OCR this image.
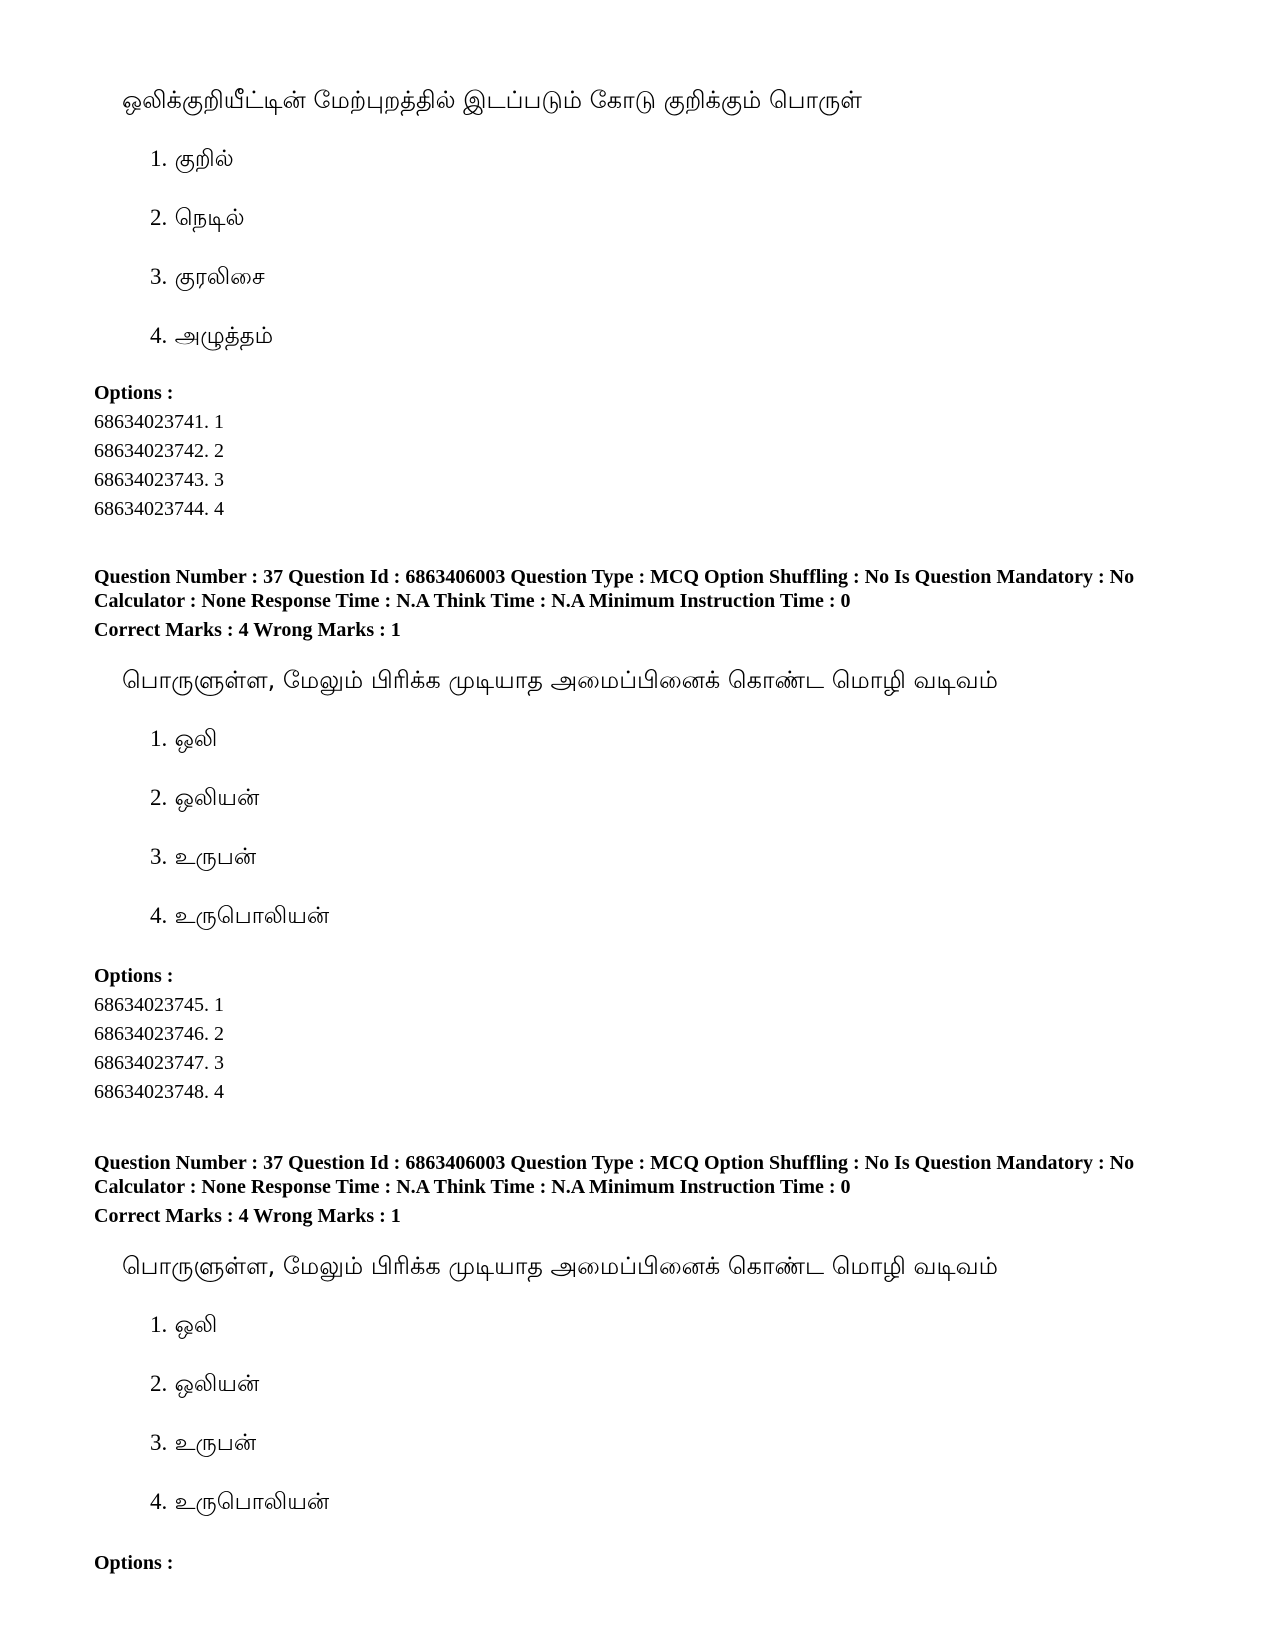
ஒலிக்குறியீட்டின் மேற்புறத்தில் இடப்படும் கோடு குறிக்கும் பொருள்
1. குறில்
2. நெடில்
3. குரலிசை
4. அழுத்தம்
Options :
68634023741. 1
68634023742. 2
68634023743. 3
68634023744. 4
Question Number : 37 Question Id : 6863406003 Question Type : MCQ Option Shuffling : No Is Question Mandatory : No Calculator : None Response Time : N.A Think Time : N.A Minimum Instruction Time : 0
Correct Marks : 4 Wrong Marks : 1
பொருளுள்ள, மேலும் பிரிக்க முடியாத அமைப்பினைக் கொண்ட மொழி வடிவம்
1. ஒலி
2. ஒலியன்
3. உருபன்
4. உருபொலியன்
Options :
68634023745. 1
68634023746. 2
68634023747. 3
68634023748. 4
Question Number : 37 Question Id : 6863406003 Question Type : MCQ Option Shuffling : No Is Question Mandatory : No Calculator : None Response Time : N.A Think Time : N.A Minimum Instruction Time : 0
Correct Marks : 4 Wrong Marks : 1
பொருளுள்ள, மேலும் பிரிக்க முடியாத அமைப்பினைக் கொண்ட மொழி வடிவம்
1. ஒலி
2. ஒலியன்
3. உருபன்
4. உருபொலியன்
Options :
